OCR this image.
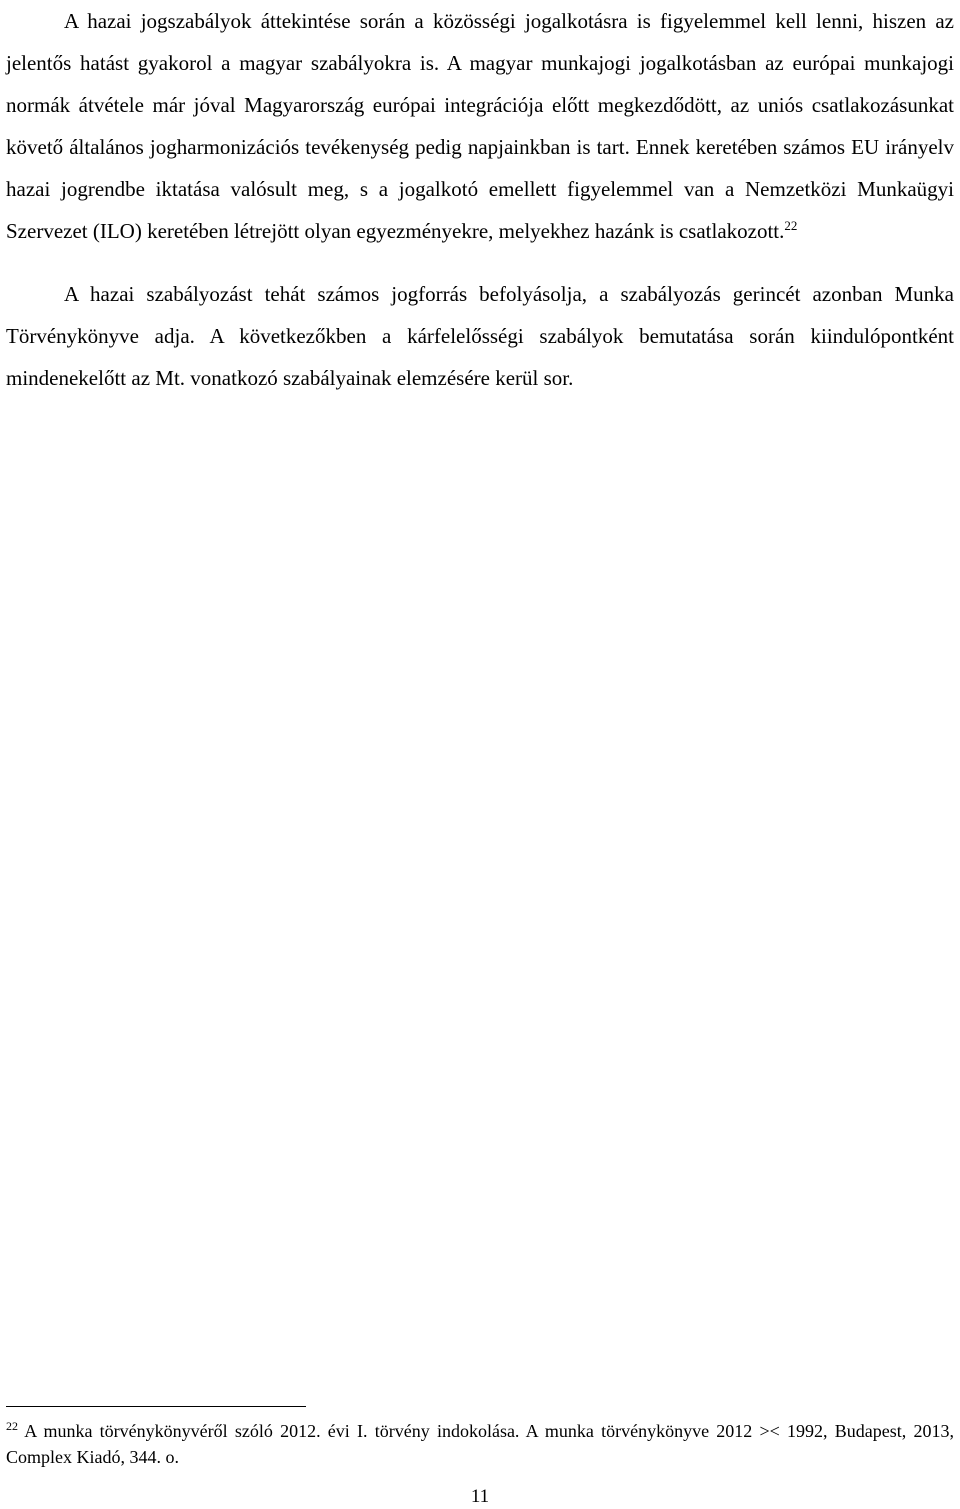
A hazai jogszabályok áttekintése során a közösségi jogalkotásra is figyelemmel kell lenni, hiszen az jelentős hatást gyakorol a magyar szabályokra is. A magyar munkajogi jogalkotásban az európai munkajogi normák átvétele már jóval Magyarország európai integrációja előtt megkezdődött, az uniós csatlakozásunkat követő általános jogharmonizációs tevékenység pedig napjainkban is tart. Ennek keretében számos EU irányelv hazai jogrendbe iktatása valósult meg, s a jogalkotó emellett figyelemmel van a Nemzetközi Munkaügyi Szervezet (ILO) keretében létrejött olyan egyezményekre, melyekhez hazánk is csatlakozott.$^{22}$

A hazai szabályozást tehát számos jogforrás befolyásolja, a szabályozás gerincét azonban Munka Törvénykönyve adja. A következőkben a kárfelelősségi szabályok bemutatása során kiindulópontként mindenekelőtt az Mt. vonatkozó szabályainak elemzésére kerül sor.

$^{22}$ A munka törvénykönyvéről szóló 2012. évi I. törvény indokolása. A munka törvénykönyve 2012 >< 1992, Budapest, 2013, Complex Kiadó, 344. o.

11
